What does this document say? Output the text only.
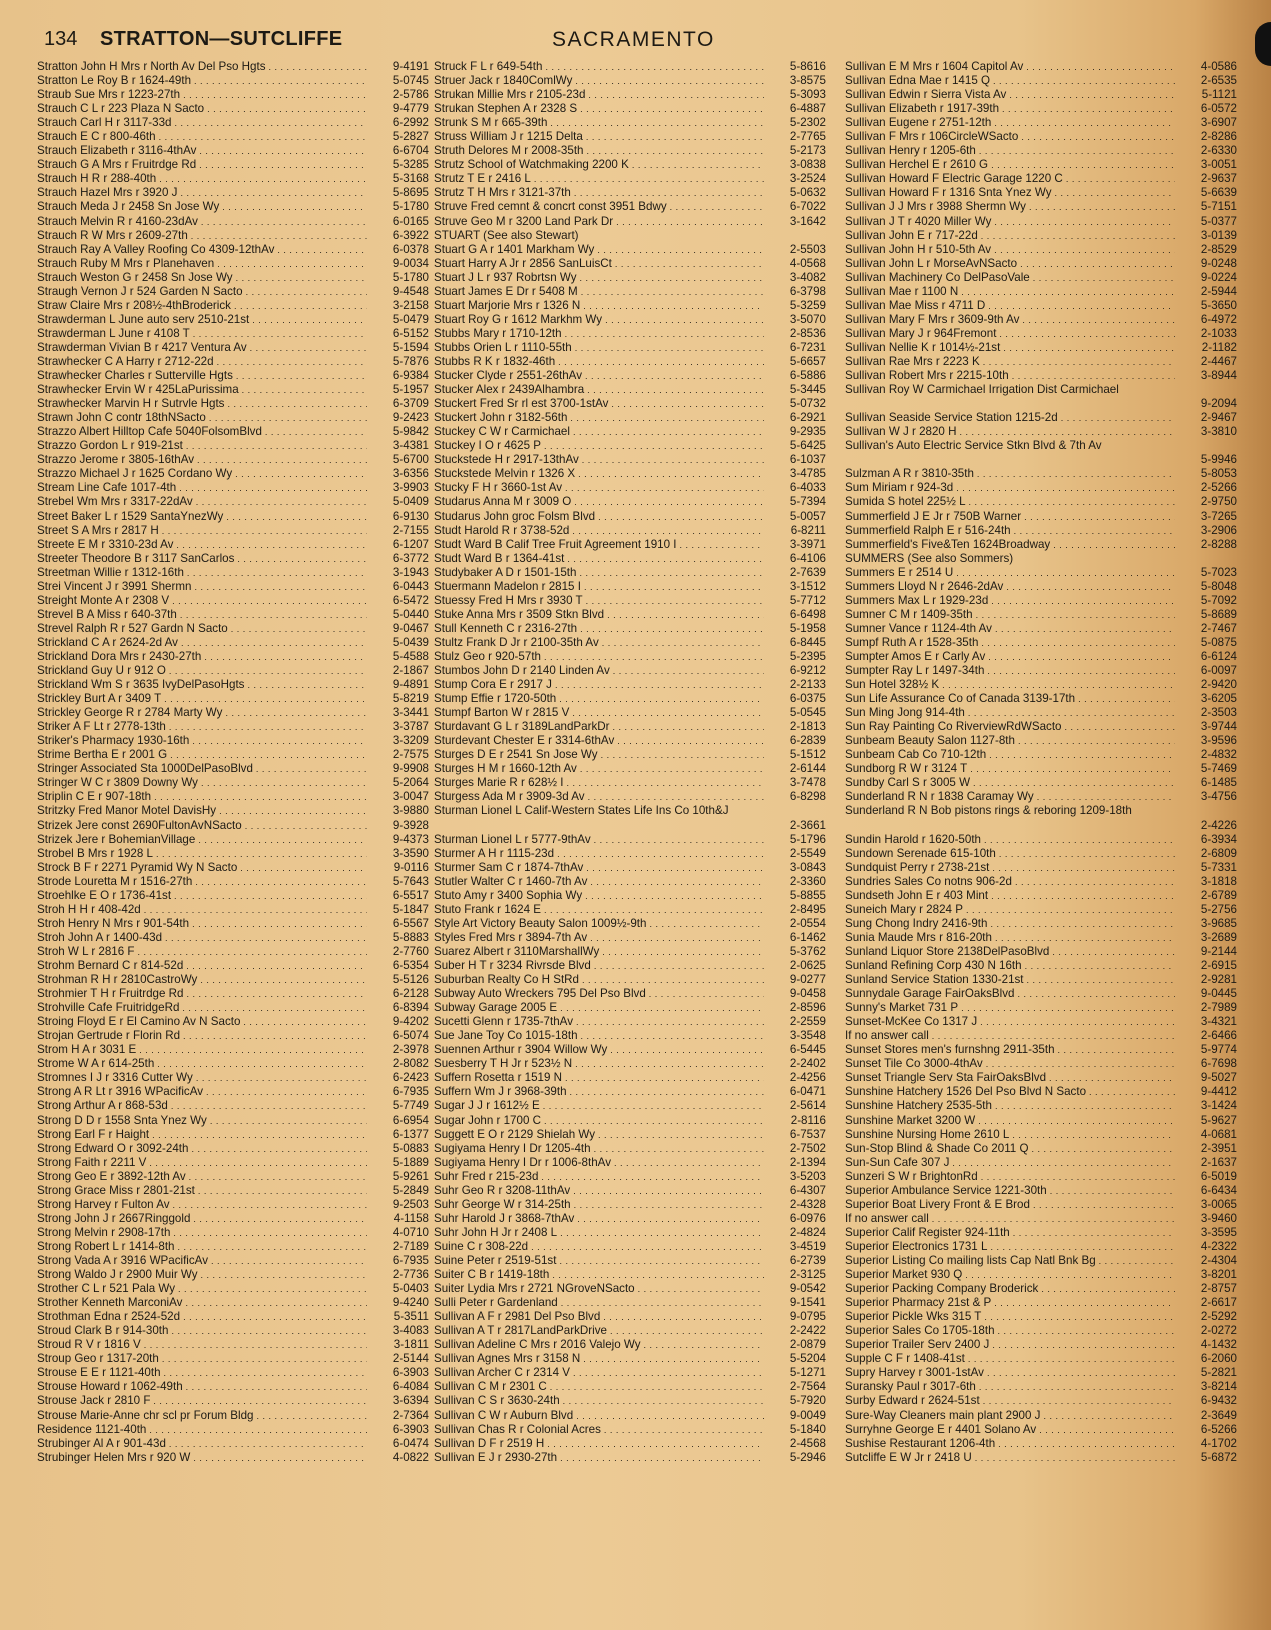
134 STRATTON—SUTCLIFFE	SACRAMENTO
Stratton John H Mrs r North Av Del Pso Hgts . . .	9-4191
Stratton Le Roy B r 1624-49th . . .	5-0745
Straub Sue Mrs r 1223-27th . . .	2-5786
Strauch C L r 223 Plaza N Sacto . . .	9-4779
Strauch Carl H r 3117-33d . . .	6-2992
Strauch E C r 800-46th . . .	5-2827
Strauch Elizabeth r 3116-4thAv . . .	6-6704
Strauch G A Mrs r Fruitrdge Rd . . .	5-3285
Strauch H R r 288-40th . . .	5-3168
Strauch Hazel Mrs r 3920 J . . .	5-8695
Strauch Meda J r 2458 Sn Jose Wy . . .	5-1780
Strauch Melvin R r 4160-23dAv . . .	6-0165
Strauch R W Mrs r 2609-27th . . .	6-3922
Strauch Ray A Valley Roofing Co 4309-12thAv . . .	6-0378
Strauch Ruby M Mrs r Planehaven . . .	9-0034
Strauch Weston G r 2458 Sn Jose Wy . . .	5-1780
Straugh Vernon J r 524 Garden N Sacto . . .	9-4548
Straw Claire Mrs r 208½-4thBroderick . . .	3-2158
Strawderman L June auto serv 2510-21st . . .	5-0479
Strawderman L June r 4108 T . . .	6-5152
Strawderman Vivian B r 4217 Ventura Av . . .	5-1594
Strawhecker C A Harry r 2712-22d . . .	5-7876
Strawhecker Charles r Sutterville Hgts . . .	6-9384
Strawhecker Ervin W r 425LaPurissima . . .	5-1957
Strawhecker Marvin H r Sutrvle Hgts . . .	6-3709
Strawn John C contr 18thNSacto . . .	9-2423
Strazzo Albert Hilltop Cafe 5040FolsomBlvd . . .	5-9842
Strazzo Gordon L r 919-21st . . .	3-4381
Strazzo Jerome r 3805-16thAv . . .	5-6700
Strazzo Michael J r 1625 Cordano Wy . . .	3-6356
Stream Line Cafe 1017-4th . . .	3-9903
Strebel Wm Mrs r 3317-22dAv . . .	5-0409
Street Baker L r 1529 SantaYnezWy . . .	6-9130
Street S A Mrs r 2817 H . . .	2-7155
Streete E M r 3310-23d Av . . .	6-1207
Streeter Theodore B r 3117 SanCarlos . . .	6-3772
Streetman Willie r 1312-16th . . .	3-1943
Strei Vincent J r 3991 Shermn . . .	6-0443
Streight Monte A r 2308 V . . .	6-5472
Strevel B A Miss r 640-37th . . .	5-0440
Strevel Ralph R r 527 Gardn N Sacto . . .	9-0467
Strickland C A r 2624-2d Av . . .	5-0439
Strickland Dora Mrs r 2430-27th . . .	5-4588
Strickland Guy U r 912 O . . .	2-1867
Strickland Wm S r 3635 IvyDelPasoHgts . . .	9-4891
Strickley Burt A r 3409 T . . .	5-8219
Strickley George R r 2784 Marty Wy . . .	3-3441
Striker A F Lt r 2778-13th . . .	3-3787
Striker's Pharmacy 1930-16th . . .	3-3209
Strime Bertha E r 2001 G . . .	2-7575
Stringer Associated Sta 1000DelPasoBlvd . . .	9-9908
Stringer W C r 3809 Downy Wy . . .	5-2064
Striplin C E r 907-18th . . .	3-0047
Stritzky Fred Manor Motel DavisHy . . .	3-9880
Strizek Jere const 2690FultonAvNSacto . . .	9-3928
Strizek Jere r BohemianVillage . . .	9-4373
Strobel B Mrs r 1928 L . . .	3-3590
Strock B F r 2271 Pyramid Wy N Sacto . . .	9-0116
Strode Louretta M r 1516-27th . . .	5-7643
Stroehlke E O r 1736-41st . . .	6-5517
Stroh H H r 408-42d . . .	5-1847
Stroh Henry N Mrs r 901-54th . . .	6-5567
Stroh John A r 1400-43d . . .	5-8883
Stroh W L r 2816 F . . .	2-7760
Strohm Bernard C r 814-52d . . .	6-5354
Strohman R H r 2810CastroWy . . .	5-5126
Strohmier T H r Fruitrdge Rd . . .	6-2128
Strohville Cafe FruitridgeRd . . .	6-8394
Stroing Floyd E r El Camino Av N Sacto . . .	9-4202
Strojan Gertrude r Florin Rd . . .	6-5074
Strom H A r 3031 E . . .	2-3978
Strome W A r 614-25th . . .	2-8082
Stromnes I J r 3316 Cutter Wy . . .	6-2423
Strong A R Lt r 3916 WPacificAv . . .	6-7935
Strong Arthur A r 868-53d . . .	5-7749
Strong D D r 1558 Snta Ynez Wy . . .	6-6954
Strong Earl F r Haight . . .	6-1377
Strong Edward O r 3092-24th . . .	5-0883
Strong Faith r 2211 V . . .	5-1889
Strong Geo E r 3892-12th Av . . .	5-9261
Strong Grace Miss r 2801-21st . . .	5-2849
Strong Harvey r Fulton Av . . .	9-2503
Strong John J r 2667Ringgold . . .	4-1158
Strong Melvin r 2908-17th . . .	4-0710
Strong Robert L r 1414-8th . . .	2-7189
Strong Vada A r 3916 WPacificAv . . .	6-7935
Strong Waldo J r 2900 Muir Wy . . .	2-7736
Strother C L r 521 Pala Wy . . .	5-0403
Strother Kenneth MarconiAv . . .	9-4240
Strothman Edna r 2524-52d . . .	5-3511
Stroud Clark B r 914-30th . . .	3-4083
Stroud R V r 1816 V . . .	3-1811
Stroup Geo r 1317-20th . . .	2-5144
Strouse E E r 1121-40th . . .	6-3903
Strouse Howard r 1062-49th . . .	6-4084
Strouse Jack r 2810 F . . .	3-6394
Strouse Marie-Anne chr scl pr Forum Bldg . . .	2-7364
Residence 1121-40th . . .	6-3903
Strubinger Al A r 901-43d . . .	6-0474
Strubinger Helen Mrs r 920 W . . .	4-0822
Struck F L r 649-54th . . .	5-8616
Struer Jack r 1840ComlWy . . .	3-8575
Strukan Millie Mrs r 2105-23d . . .	5-3093
Strukan Stephen A r 2328 S . . .	6-4887
Strunk S M r 665-39th . . .	5-2302
Struss William J r 1215 Delta . . .	2-7765
Struth Delores M r 2008-35th . . .	5-2173
Strutz School of Watchmaking 2200 K . . .	3-0838
Strutz T E r 2416 L . . .	3-2524
Strutz T H Mrs r 3121-37th . . .	5-0632
Struve Fred cemnt & concrt const 3951 Bdwy . . .	6-7022
Struve Geo M r 3200 Land Park Dr . . .	3-1642
STUART (See also Stewart)
Stuart G A r 1401 Markham Wy . . .	2-5503
Stuart Harry A Jr r 2856 SanLuisCt . . .	4-0568
Stuart J L r 937 Robrtsn Wy . . .	3-4082
Stuart James E Dr r 5408 M . . .	6-3798
Stuart Marjorie Mrs r 1326 N . . .	5-3259
Stuart Roy G r 1612 Markhm Wy . . .	3-5070
Stubbs Mary r 1710-12th . . .	2-8536
Stubbs Orien L r 1110-55th . . .	6-7231
Stubbs R K r 1832-46th . . .	5-6657
Stucker Clyde r 2551-26thAv . . .	6-5886
Stucker Alex r 2439Alhambra . . .	5-3445
Stuckert Fred Sr rl est 3700-1stAv . . .	5-0732
Stuckert John r 3182-56th . . .	6-2921
Stuckey C W r Carmichael . . .	9-2935
Stuckey I O r 4625 P . . .	5-6425
Stuckstede H r 2917-13thAv . . .	6-1037
Stuckstede Melvin r 1326 X . . .	3-4785
Stucky F H r 3660-1st Av . . .	6-4033
Studarus Anna M r 3009 O . . .	5-7394
Studarus John groc Folsm Blvd . . .	5-0057
Studt Harold R r 3738-52d . . .	6-8211
Studt Ward B Calif Tree Fruit Agreement 1910 I . . .	3-3971
Studt Ward B r 1364-41st . . .	6-4106
Studybaker A D r 1501-15th . . .	2-7639
Stuermann Madelon r 2815 I . . .	3-1512
Stuessy Fred H Mrs r 3930 T . . .	5-7712
Stuke Anna Mrs r 3509 Stkn Blvd . . .	6-6498
Stull Kenneth C r 2316-27th . . .	5-1958
Stultz Frank D Jr r 2100-35th Av . . .	6-8445
Stulz Geo r 920-57th . . .	5-2395
Stumbos John D r 2140 Linden Av . . .	6-9212
Stump Cora E r 2917 J . . .	2-2133
Stump Effie r 1720-50th . . .	6-0375
Stumpf Barton W r 2815 V . . .	5-0545
Sturdavant G L r 3189LandParkDr . . .	2-1813
Sturdevant Chester E r 3314-6thAv . . .	6-2839
Sturges D E r 2541 Sn Jose Wy . . .	5-1512
Sturges H M r 1660-12th Av . . .	2-6144
Sturges Marie R r 628½ I . . .	3-7478
Sturgess Ada M r 3909-3d Av . . .	6-8298
Sturman Lionel L Calif-Western States Life Ins Co 10th&J
2-3661
Sturman Lionel L r 5777-9thAv . . .	5-1796
Sturmer A H r 1115-23d . . .	2-5549
Sturmer Sam C r 1874-7thAv . . .	3-0843
Stutler Walter C r 1460-7th Av . . .	2-3360
Stuto Amy r 3400 Sophia Wy . . .	5-8855
Stuto Frank r 1624 E . . .	2-8495
Style Art Victory Beauty Salon 1009½-9th . . .	2-0554
Styles Fred Mrs r 3894-7th Av . . .	6-1462
Suarez Albert r 3110MarshallWy . . .	5-3762
Suber H T r 3234 Rivrsde Blvd . . .	2-0625
Suburban Realty Co H StRd . . .	9-0277
Subway Auto Wreckers 795 Del Pso Blvd . . .	9-0458
Subway Garage 2005 E . . .	2-8596
Sucetti Glenn r 1735-7thAv . . .	2-2559
Sue Jane Toy Co 1015-18th . . .	3-3548
Suennen Arthur r 3904 Willow Wy . . .	6-5445
Suesberry T H Jr r 523½ N . . .	2-2402
Suffern Rosetta r 1519 N . . .	2-4256
Suffern Wm J r 3968-39th . . .	6-0471
Sugar J J r 1612½ E . . .	2-5614
Sugar John r 1700 C . . .	2-8116
Suggett E O r 2129 Shielah Wy . . .	6-7537
Sugiyama Henry I Dr 1205-4th . . .	2-7502
Sugiyama Henry I Dr r 1006-8thAv . . .	2-1394
Suhr Fred r 215-23d . . .	3-5203
Suhr Geo R r 3208-11thAv . . .	6-4307
Suhr George W r 314-25th . . .	2-4328
Suhr Harold J r 3868-7thAv . . .	6-0976
Suhr John H Jr r 2408 L . . .	2-4824
Suine C r 308-22d . . .	3-4519
Suine Peter r 2519-51st . . .	6-2739
Suiter C B r 1419-18th . . .	2-3125
Suiter Lydia Mrs r 2721 NGroveNSacto . . .	9-0542
Sulli Peter r Gardenland . . .	9-1541
Sullivan A F r 2981 Del Pso Blvd . . .	9-0795
Sullivan A T r 2817LandParkDrive . . .	2-2422
Sullivan Adeline C Mrs r 2016 Valejo Wy . . .	2-0879
Sullivan Agnes Mrs r 3158 N . . .	5-5204
Sullivan Archer C r 2314 V . . .	5-1271
Sullivan C M r 2301 C . . .	2-7564
Sullivan C S r 3630-24th . . .	5-7920
Sullivan C W r Auburn Blvd . . .	9-0049
Sullivan Chas R r Colonial Acres . . .	5-1840
Sullivan D F r 2519 H . . .	2-4568
Sullivan E J r 2930-27th . . .	5-2946
Sullivan E M Mrs r 1604 Capitol Av . . .	4-0586
Sullivan Edna Mae r 1415 Q . . .	2-6535
Sullivan Edwin r Sierra Vista Av . . .	5-1121
Sullivan Elizabeth r 1917-39th . . .	6-0572
Sullivan Eugene r 2751-12th . . .	3-6907
Sullivan F Mrs r 106CircleWSacto . . .	2-8286
Sullivan Henry r 1205-6th . . .	2-6330
Sullivan Herchel E r 2610 G . . .	3-0051
Sullivan Howard F Electric Garage 1220 C . . .	2-9637
Sullivan Howard F r 1316 Snta Ynez Wy . . .	5-6639
Sullivan J J Mrs r 3988 Shermn Wy . . .	5-7151
Sullivan J T r 4020 Miller Wy . . .	5-0377
Sullivan John E r 717-22d . . .	3-0139
Sullivan John H r 510-5th Av . . .	2-8529
Sullivan John L r MorseAvNSacto . . .	9-0248
Sullivan Machinery Co DelPasoVale . . .	9-0224
Sullivan Mae r 1100 N . . .	2-5944
Sullivan Mae Miss r 4711 D . . .	5-3650
Sullivan Mary F Mrs r 3609-9th Av . . .	6-4972
Sullivan Mary J r 964Fremont . . .	2-1033
Sullivan Nellie K r 1014½-21st . . .	2-1182
Sullivan Rae Mrs r 2223 K . . .	2-4467
Sullivan Robert Mrs r 2215-10th . . .	3-8944
Sullivan Roy W Carmichael Irrigation Dist Carmichael
9-2094
Sullivan Seaside Service Station 1215-2d . . .	2-9467
Sullivan W J r 2820 H . . .	3-3810
Sullivan's Auto Electric Service Stkn Blvd & 7th Av
5-9946
Sulzman A R r 3810-35th . . .	5-8053
Sum Miriam r 924-3d . . .	2-5266
Sumida S hotel 225½ L . . .	2-9750
Summerfield J E Jr r 750B Warner . . .	3-7265
Summerfield Ralph E r 516-24th . . .	3-2906
Summerfield's Five&Ten 1624Broadway . . .	2-8288
SUMMERS (See also Sommers)
Summers E r 2514 U . . .	5-7023
Summers Lloyd N r 2646-2dAv . . .	5-8048
Summers Max L r 1929-23d . . .	5-7092
Sumner C M r 1409-35th . . .	5-8689
Sumner Vance r 1124-4th Av . . .	2-7467
Sumpf Ruth A r 1528-35th . . .	5-0875
Sumpter Amos E r Carly Av . . .	6-6124
Sumpter Ray L r 1497-34th . . .	6-0097
Sun Hotel 328½ K . . .	2-9420
Sun Life Assurance Co of Canada 3139-17th . . .	3-6205
Sun Ming Jong 914-4th . . .	2-3503
Sun Ray Painting Co RiverviewRdWSacto . . .	3-9744
Sunbeam Beauty Salon 1127-8th . . .	3-9596
Sunbeam Cab Co 710-12th . . .	2-4832
Sundborg R W r 3124 T . . .	5-7469
Sundby Carl S r 3005 W . . .	6-1485
Sunderland R N r 1838 Caramay Wy . . .	3-4756
Sunderland R N Bob pistons rings & reboring 1209-18th
2-4226
Sundin Harold r 1620-50th . . .	6-3934
Sundown Serenade 615-10th . . .	2-6809
Sundquist Perry r 2738-21st . . .	5-7331
Sundries Sales Co notns 906-2d . . .	3-1818
Sundseth John E r 403 Mint . . .	2-6789
Suneich Mary r 2824 P . . .	5-2756
Sung Chong Indry 2416-9th . . .	3-9685
Sunia Maude Mrs r 816-20th . . .	3-2689
Sunland Liquor Store 2138DelPasoBlvd . . .	9-2144
Sunland Refining Corp 430 N 16th . . .	2-6915
Sunland Service Station 1330-21st . . .	2-9281
Sunnydale Garage FairOaksBlvd . . .	9-0445
Sunny's Market 731 P . . .	2-7989
Sunset-McKee Co 1317 J . . .	3-4321
If no answer call . . .	2-6466
Sunset Stores men's furnshng 2911-35th . . .	5-9774
Sunset Tile Co 3000-4thAv . . .	6-7698
Sunset Triangle Serv Sta FairOaksBlvd . . .	9-5027
Sunshine Hatchery 1526 Del Pso Blvd N Sacto . . .	9-4412
Sunshine Hatchery 2535-5th . . .	3-1424
Sunshine Market 3200 W . . .	5-9627
Sunshine Nursing Home 2610 L . . .	4-0681
Sun-Stop Blind & Shade Co 2011 Q . . .	2-3951
Sun-Sun Cafe 307 J . . .	2-1637
Sunzeri S W r BrightonRd . . .	6-5019
Superior Ambulance Service 1221-30th . . .	6-6434
Superior Boat Livery Front & E Brod . . .	3-0065
If no answer call . . .	3-9460
Superior Calif Register 924-11th . . .	3-3595
Superior Electronics 1731 L . . .	4-2322
Superior Listing Co mailing lists Cap Natl Bnk Bg . . .	2-4304
Superior Market 930 Q . . .	3-8201
Superior Packing Company Broderick . . .	2-8757
Superior Pharmacy 21st & P . . .	2-6617
Superior Pickle Wks 315 T . . .	2-5292
Superior Sales Co 1705-18th . . .	2-0272
Superior Trailer Serv 2400 J . . .	4-1432
Supple C F r 1408-41st . . .	6-2060
Supry Harvey r 3001-1stAv . . .	5-2821
Suransky Paul r 3017-6th . . .	3-8214
Surby Edward r 2624-51st . . .	6-9432
Sure-Way Cleaners main plant 2900 J . . .	2-3649
Surryhne George E r 4401 Solano Av . . .	6-5266
Sushise Restaurant 1206-4th . . .	4-1702
Sutcliffe E W Jr r 2418 U . . .	5-6872
